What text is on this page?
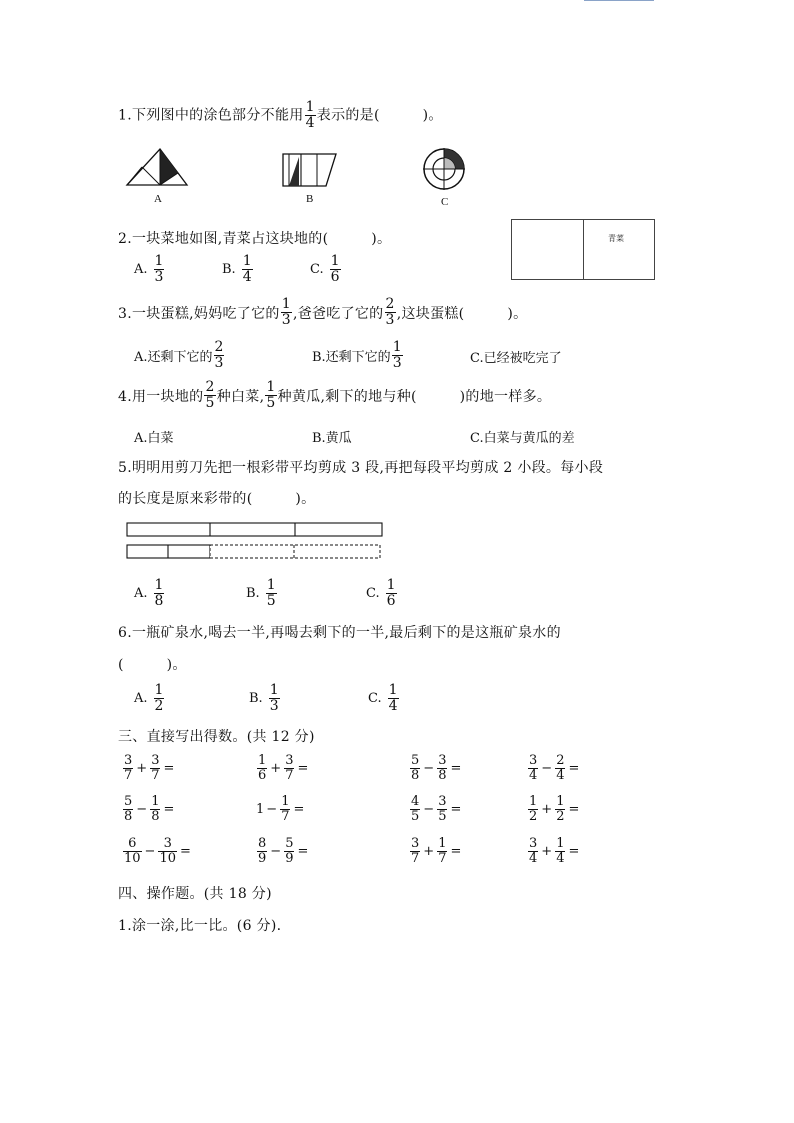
1.下列图中的涂色部分不能用 $\frac{1}{4}$ 表示的是(　　　)。
A	B	C
2.一块菜地如图,青菜占这块地的(　　　)。	青菜
A. $\frac{1}{3}$	B. $\frac{1}{4}$	C. $\frac{1}{6}$
3.一块蛋糕,妈妈吃了它的 $\frac{1}{3}$ ,爸爸吃了它的 $\frac{2}{3}$ ,这块蛋糕(　　　)。
A.还剩下它的 $\frac{2}{3}$	B.还剩下它的 $\frac{1}{3}$	C.已经被吃完了
4.用一块地的 $\frac{2}{5}$ 种白菜, $\frac{1}{5}$ 种黄瓜,剩下的地与种(　　　)的地一样多。
A.白菜	B.黄瓜	C.白菜与黄瓜的差
5.明明用剪刀先把一根彩带平均剪成 3 段,再把每段平均剪成 2 小段。每小段
的长度是原来彩带的(　　　)。
A. $\frac{1}{8}$	B. $\frac{1}{5}$	C. $\frac{1}{6}$
6.一瓶矿泉水,喝去一半,再喝去剩下的一半,最后剩下的是这瓶矿泉水的
(　　　)。
A. $\frac{1}{2}$	B. $\frac{1}{3}$	C. $\frac{1}{4}$
三、直接写出得数。(共 12 分)
$\frac{3}{7} + \frac{3}{7}$ =	$\frac{1}{6} + \frac{3}{7}$ =	$\frac{5}{8} - \frac{3}{8}$ =	$\frac{3}{4} - \frac{2}{4}$ =
$\frac{5}{8} - \frac{1}{8}$ =	$1 - \frac{1}{7}$ =	$\frac{4}{5} - \frac{3}{5}$ =	$\frac{1}{2} + \frac{1}{2}$ =
$\frac{6}{10} - \frac{3}{10}$ =	$\frac{8}{9} - \frac{5}{9}$ =	$\frac{3}{7} + \frac{1}{7}$ =	$\frac{3}{4} + \frac{1}{4}$ =
四、操作题。(共 18 分)
1.涂一涂,比一比。(6 分).
